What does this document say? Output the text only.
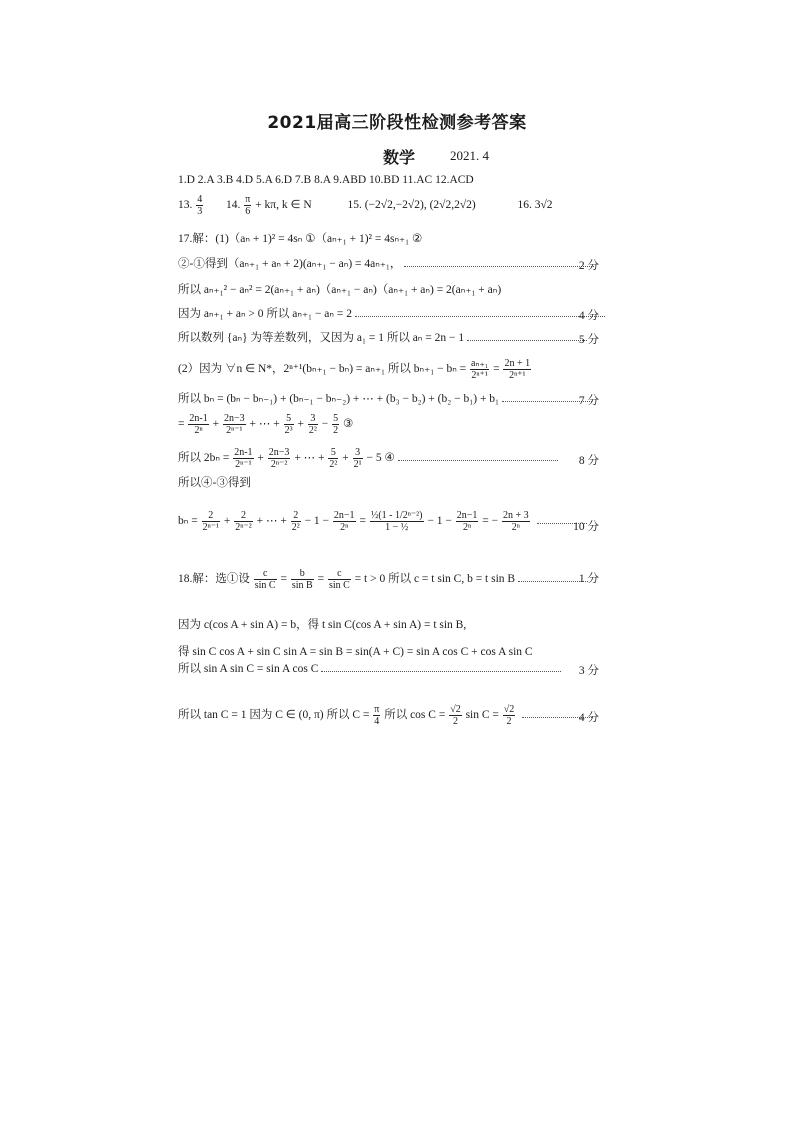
2021届高三阶段性检测参考答案
数学	2021. 4
1.D 2.A 3.B 4.D 5.A 6.D 7.B 8.A 9.ABD 10.BD 11.AC 12.ACD
13. $\frac{4}{3} 14$. $\frac{\pi}{6} + k\pi$, k ∈ N	15. (−2√2,−2√2), (2√2,2√2)	16. 3√2
17.解：(1)（aₙ + 1)² = 4sₙ ①（aₙ₊₁ + 1)² = 4sₙ₊₁ ②
②-①得到（aₙ₊₁ + aₙ + 2)(aₙ₊₁ − aₙ) = 4aₙ₊₁，	2 分
所以 aₙ₊₁² − aₙ² = 2(aₙ₊₁ + aₙ)（aₙ₊₁ − aₙ)（aₙ₊₁ + aₙ) = 2(aₙ₊₁ + aₙ)
因为 aₙ₊₁ + aₙ > 0 所以 aₙ₊₁ − aₙ = 2	4 分
所以数列 {aₙ} 为等差数列，又因为 a₁ = 1 所以 aₙ = 2n − 1	5 分
(2）因为 ∀n ∈ N*，2ⁿ⁺¹(bₙ₊₁ − bₙ) = aₙ₊₁ 所以 $b_{n+1} - b_n = \frac{\text{aₙ₊₁}}{\text{2ⁿ⁺¹}} = \frac{2n + 1}{\text{2ⁿ⁺¹}}$
所以 bₙ = (bₙ − bₙ₋₁) + (bₙ₋₁ − bₙ₋₂) + ⋯ + (b₃ − b₂) + (b₂ − b₁) + b₁	7 分
= $\frac{2n-1}{\text{2ⁿ}} + \frac{2n-3}{\text{2ⁿ⁻¹}}$ + ⋯ + $\frac{5}{\text{2³}} + \frac{3}{\text{2²}} - \frac{5}{2}$ ③
所以 $2b_n = \frac{2n-1}{\text{2ⁿ⁻¹}} + \frac{2n-3}{\text{2ⁿ⁻²}}$ + ⋯ + $\frac{5}{\text{2²}} + \frac{3}{\text{2¹}} - 5$ ④	8 分
所以④-③得到
$b_n = \frac{2}{\text{2ⁿ⁻¹}} + \frac{2}{\text{2ⁿ⁻²}}$ + ⋯ + $\frac{2}{\text{2²}} - 1 - \frac{2n-1}{\text{2ⁿ}} = \frac{\text{½(1 - 1/2ⁿ⁻²)}}{\text{1 − ½}} - 1 - \frac{2n-1}{\text{2ⁿ}}$ = − $\frac{2n + 3}{\text{2ⁿ}}$
	10 分
18.解：选①设 $\frac{c}{\text{sin C}} = \frac{b}{\text{sin B}} = \frac{c}{\text{sin C}} = t > 0$ 所以 c = t sin C, b = t sin B	1 分
因为 c(cos A + sin A) = b，得 t sin C(cos A + sin A) = t sin B,
得 sin C cos A + sin C sin A = sin B = sin(A + C) = sin A cos C + cos A sin C
所以 sin A sin C = sin A cos C	3 分
所以 tan C = 1 因为 C ∈ (0, π) 所以 $C = \frac{\pi}{4}$ 所以 $\cos C = \frac{√2}{2}$ $\sin C = \frac{√2}{2}$
	4 分
